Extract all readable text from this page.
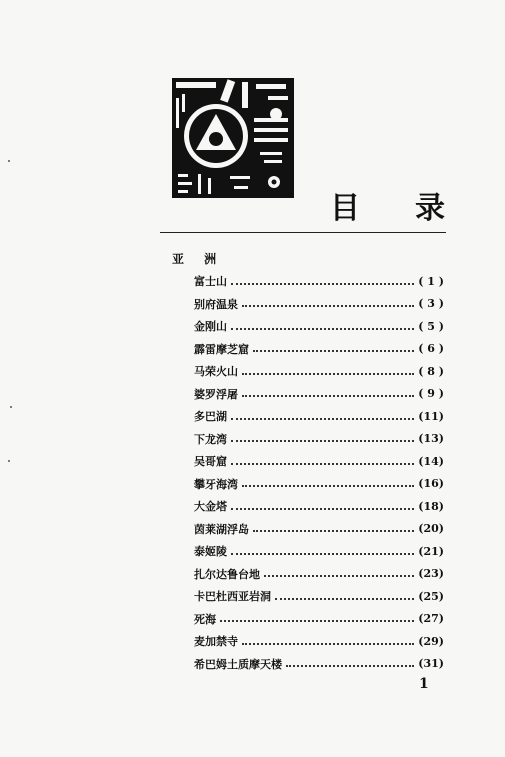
目 录
亚 洲
富士山	( 1 )
别府温泉	( 3 )
金刚山	( 5 )
霹雷摩芝窟	( 6 )
马荣火山	( 8 )
婆罗浮屠	( 9 )
多巴湖	(11)
下龙湾	(13)
吴哥窟	(14)
攀牙海湾	(16)
大金塔	(18)
茵莱湖浮岛	(20)
泰姬陵	(21)
扎尔达鲁台地	(23)
卡巴杜西亚岩洞	(25)
死海	(27)
麦加禁寺	(29)
希巴姆土质摩天楼	(31)
1
